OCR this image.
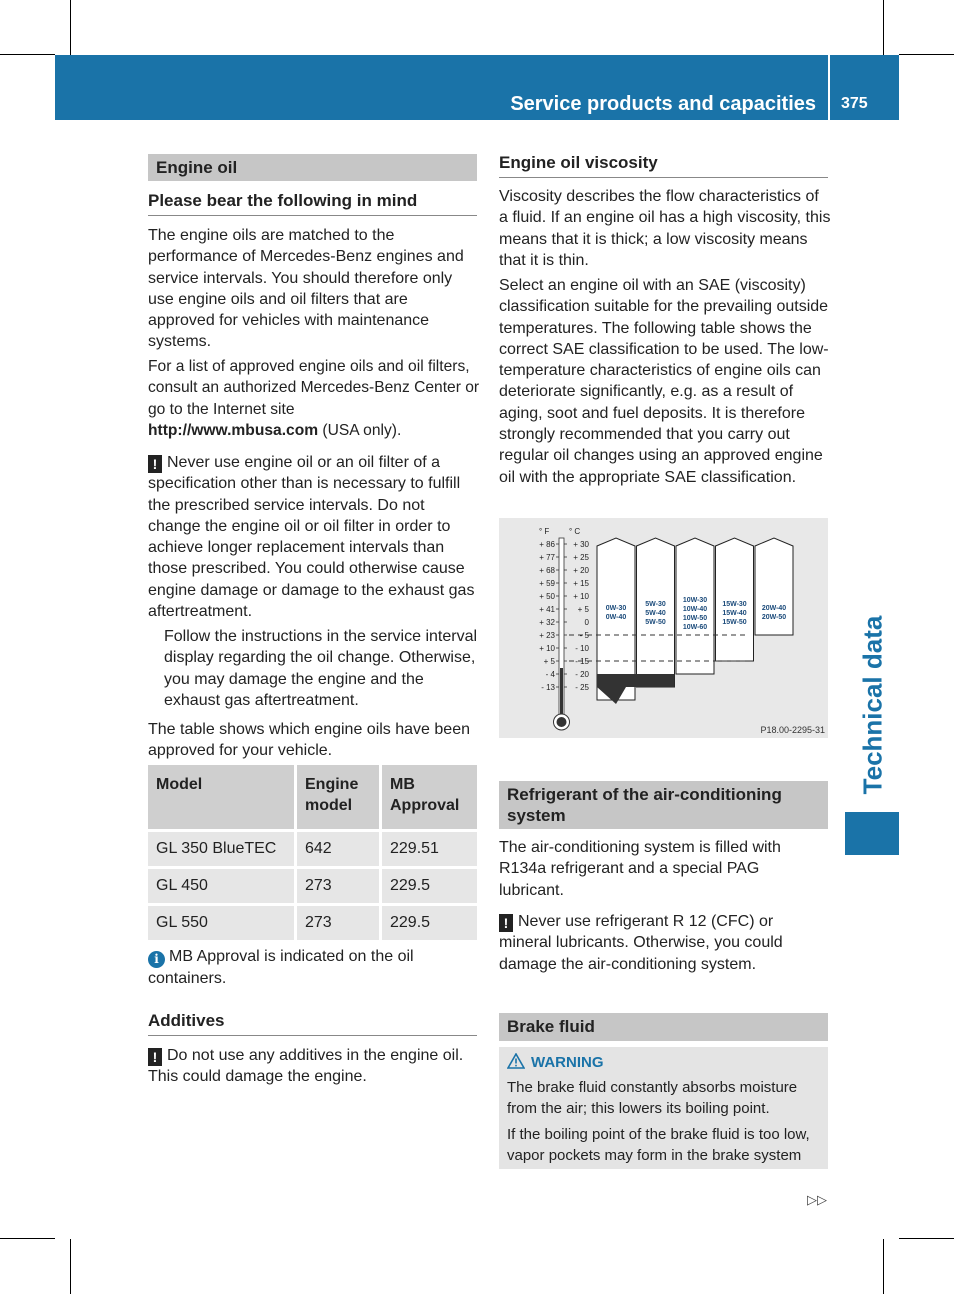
Service products and capacities 375
Technical data
Engine oil
Please bear the following in mind
The engine oils are matched to the performance of Mercedes-Benz engines and service intervals. You should therefore only use engine oils and oil filters that are approved for vehicles with maintenance systems.
For a list of approved engine oils and oil filters, consult an authorized Mercedes-Benz Center or go to the Internet site
http://www.mbusa.com (USA only).
! Never use engine oil or an oil filter of a specification other than is necessary to fulfill the prescribed service intervals. Do not change the engine oil or oil filter in order to achieve longer replacement intervals than those prescribed. You could otherwise cause engine damage or damage to the exhaust gas aftertreatment.
Follow the instructions in the service interval display regarding the oil change. Otherwise, you may damage the engine and the exhaust gas aftertreatment.
The table shows which engine oils have been approved for your vehicle.
Model	Engine model	MB Approval
GL 350 BlueTEC	642	229.51
GL 450	273	229.5
GL 550	273	229.5
i MB Approval is indicated on the oil containers.
Additives
! Do not use any additives in the engine oil. This could damage the engine.
Engine oil viscosity
Viscosity describes the flow characteristics of a fluid. If an engine oil has a high viscosity, this means that it is thick; a low viscosity means that it is thin.
Select an engine oil with an SAE (viscosity) classification suitable for the prevailing outside temperatures. The following table shows the correct SAE classification to be used. The low-temperature characteristics of engine oils can deteriorate significantly, e.g. as a result of aging, soot and fuel deposits. It is therefore strongly recommended that you carry out regular oil changes using an approved engine oil with the appropriate SAE classification.
° F ° C
+ 86
+ 77
+ 68
+ 59
+ 50
+ 41
+ 32
+ 23
+ 10
+ 5
- 4
- 13
+ 30
+ 25
+ 20
+ 15
+ 10
+ 5
0
- 5
- 10
- 15
- 20
- 25
0W-30
0W-40
5W-30
5W-40
5W-50
10W-30
10W-40
10W-50
10W-60
15W-30
15W-40
15W-50
20W-40
20W-50
P18.00-2295-31
Refrigerant of the air-conditioning system
The air-conditioning system is filled with R134a refrigerant and a special PAG lubricant.
! Never use refrigerant R 12 (CFC) or mineral lubricants. Otherwise, you could damage the air-conditioning system.
Brake fluid
WARNING
The brake fluid constantly absorbs moisture from the air; this lowers its boiling point.
If the boiling point of the brake fluid is too low, vapor pockets may form in the brake system
▷▷
